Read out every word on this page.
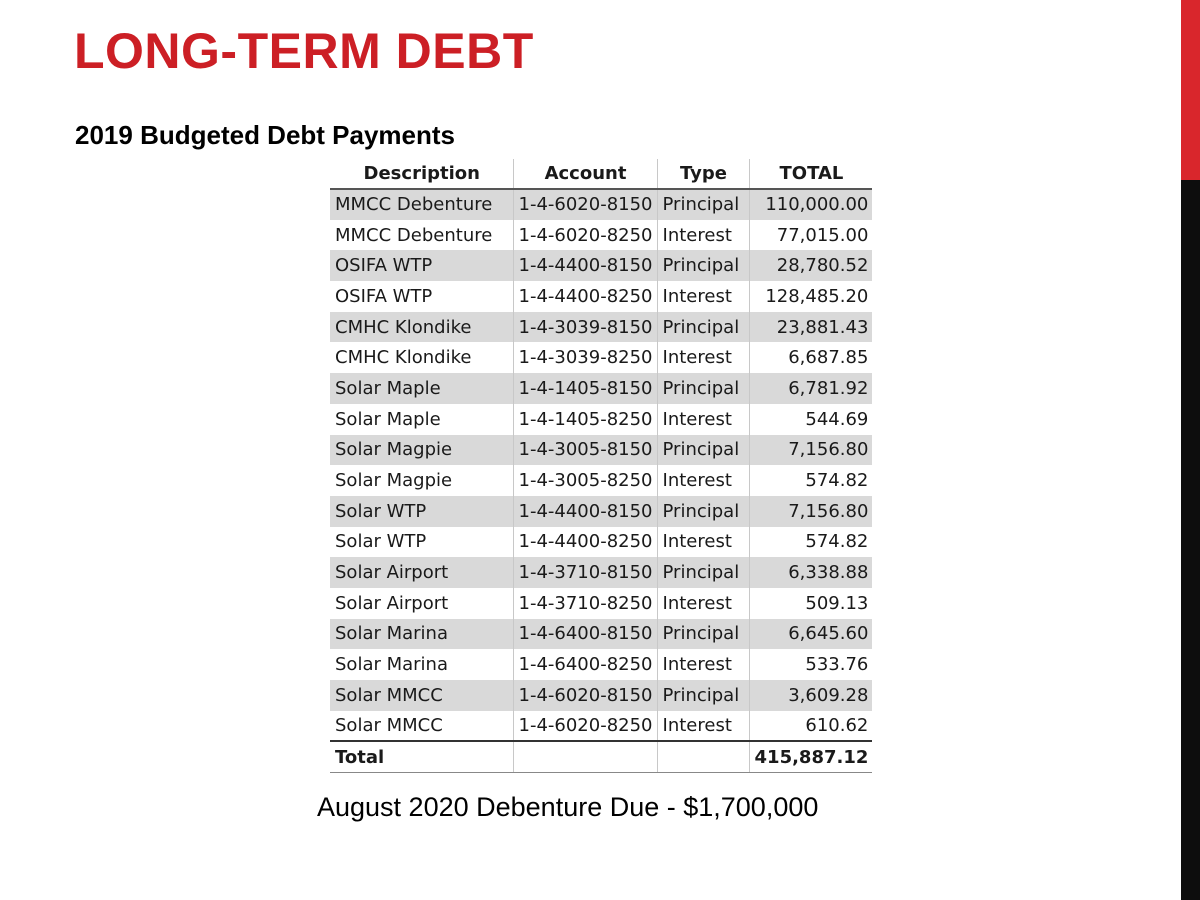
LONG-TERM DEBT
2019 Budgeted Debt Payments
Description	Account	Type	TOTAL
MMCC Debenture	1-4-6020-8150	Principal	110,000.00
MMCC Debenture	1-4-6020-8250	Interest	77,015.00
OSIFA WTP	1-4-4400-8150	Principal	28,780.52
OSIFA WTP	1-4-4400-8250	Interest	128,485.20
CMHC Klondike	1-4-3039-8150	Principal	23,881.43
CMHC Klondike	1-4-3039-8250	Interest	6,687.85
Solar Maple	1-4-1405-8150	Principal	6,781.92
Solar Maple	1-4-1405-8250	Interest	544.69
Solar Magpie	1-4-3005-8150	Principal	7,156.80
Solar Magpie	1-4-3005-8250	Interest	574.82
Solar WTP	1-4-4400-8150	Principal	7,156.80
Solar WTP	1-4-4400-8250	Interest	574.82
Solar Airport	1-4-3710-8150	Principal	6,338.88
Solar Airport	1-4-3710-8250	Interest	509.13
Solar Marina	1-4-6400-8150	Principal	6,645.60
Solar Marina	1-4-6400-8250	Interest	533.76
Solar MMCC	1-4-6020-8150	Principal	3,609.28
Solar MMCC	1-4-6020-8250	Interest	610.62
Total			415,887.12

August 2020 Debenture Due - $1,700,000
